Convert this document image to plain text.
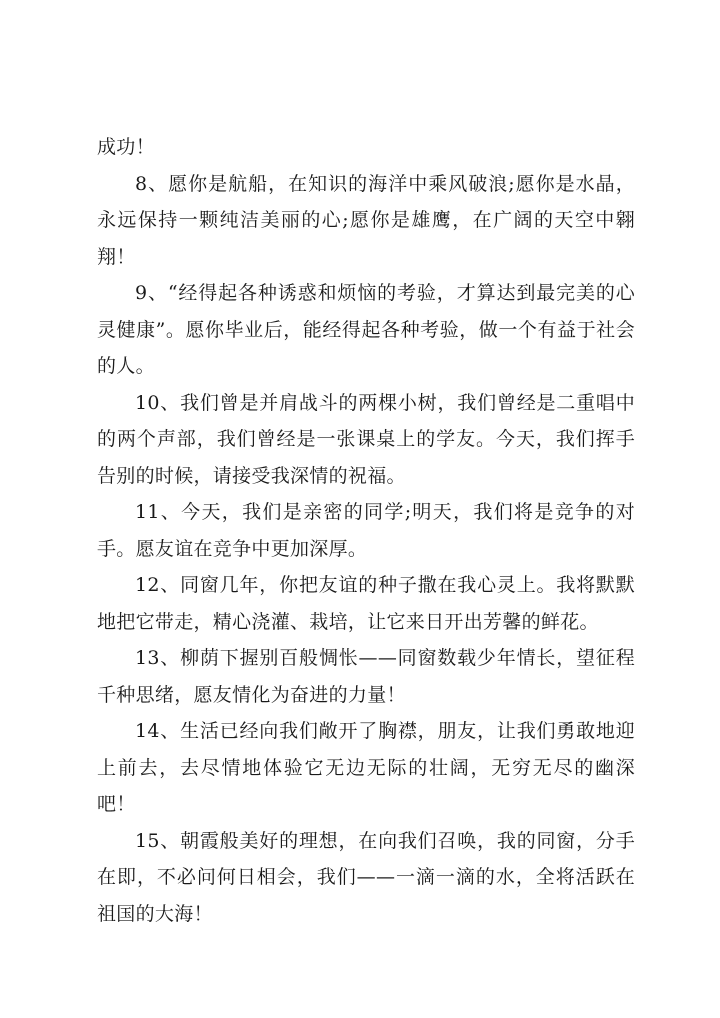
成功！

8、愿你是航船，在知识的海洋中乘风破浪;愿你是水晶，永远保持一颗纯洁美丽的心;愿你是雄鹰，在广阔的天空中翱翔！

9、“经得起各种诱惑和烦恼的考验，才算达到最完美的心灵健康”。愿你毕业后，能经得起各种考验，做一个有益于社会的人。

10、我们曾是并肩战斗的两棵小树，我们曾经是二重唱中的两个声部，我们曾经是一张课桌上的学友。今天，我们挥手告别的时候，请接受我深情的祝福。

11、今天，我们是亲密的同学;明天，我们将是竞争的对手。愿友谊在竞争中更加深厚。

12、同窗几年，你把友谊的种子撒在我心灵上。我将默默地把它带走，精心浇灌、栽培，让它来日开出芳馨的鲜花。

13、柳荫下握别百般惆怅——同窗数载少年情长，望征程千种思绪，愿友情化为奋进的力量！

14、生活已经向我们敞开了胸襟，朋友，让我们勇敢地迎上前去，去尽情地体验它无边无际的壮阔，无穷无尽的幽深吧！

15、朝霞般美好的理想，在向我们召唤，我的同窗，分手在即，不必问何日相会，我们——一滴一滴的水，全将活跃在祖国的大海！
